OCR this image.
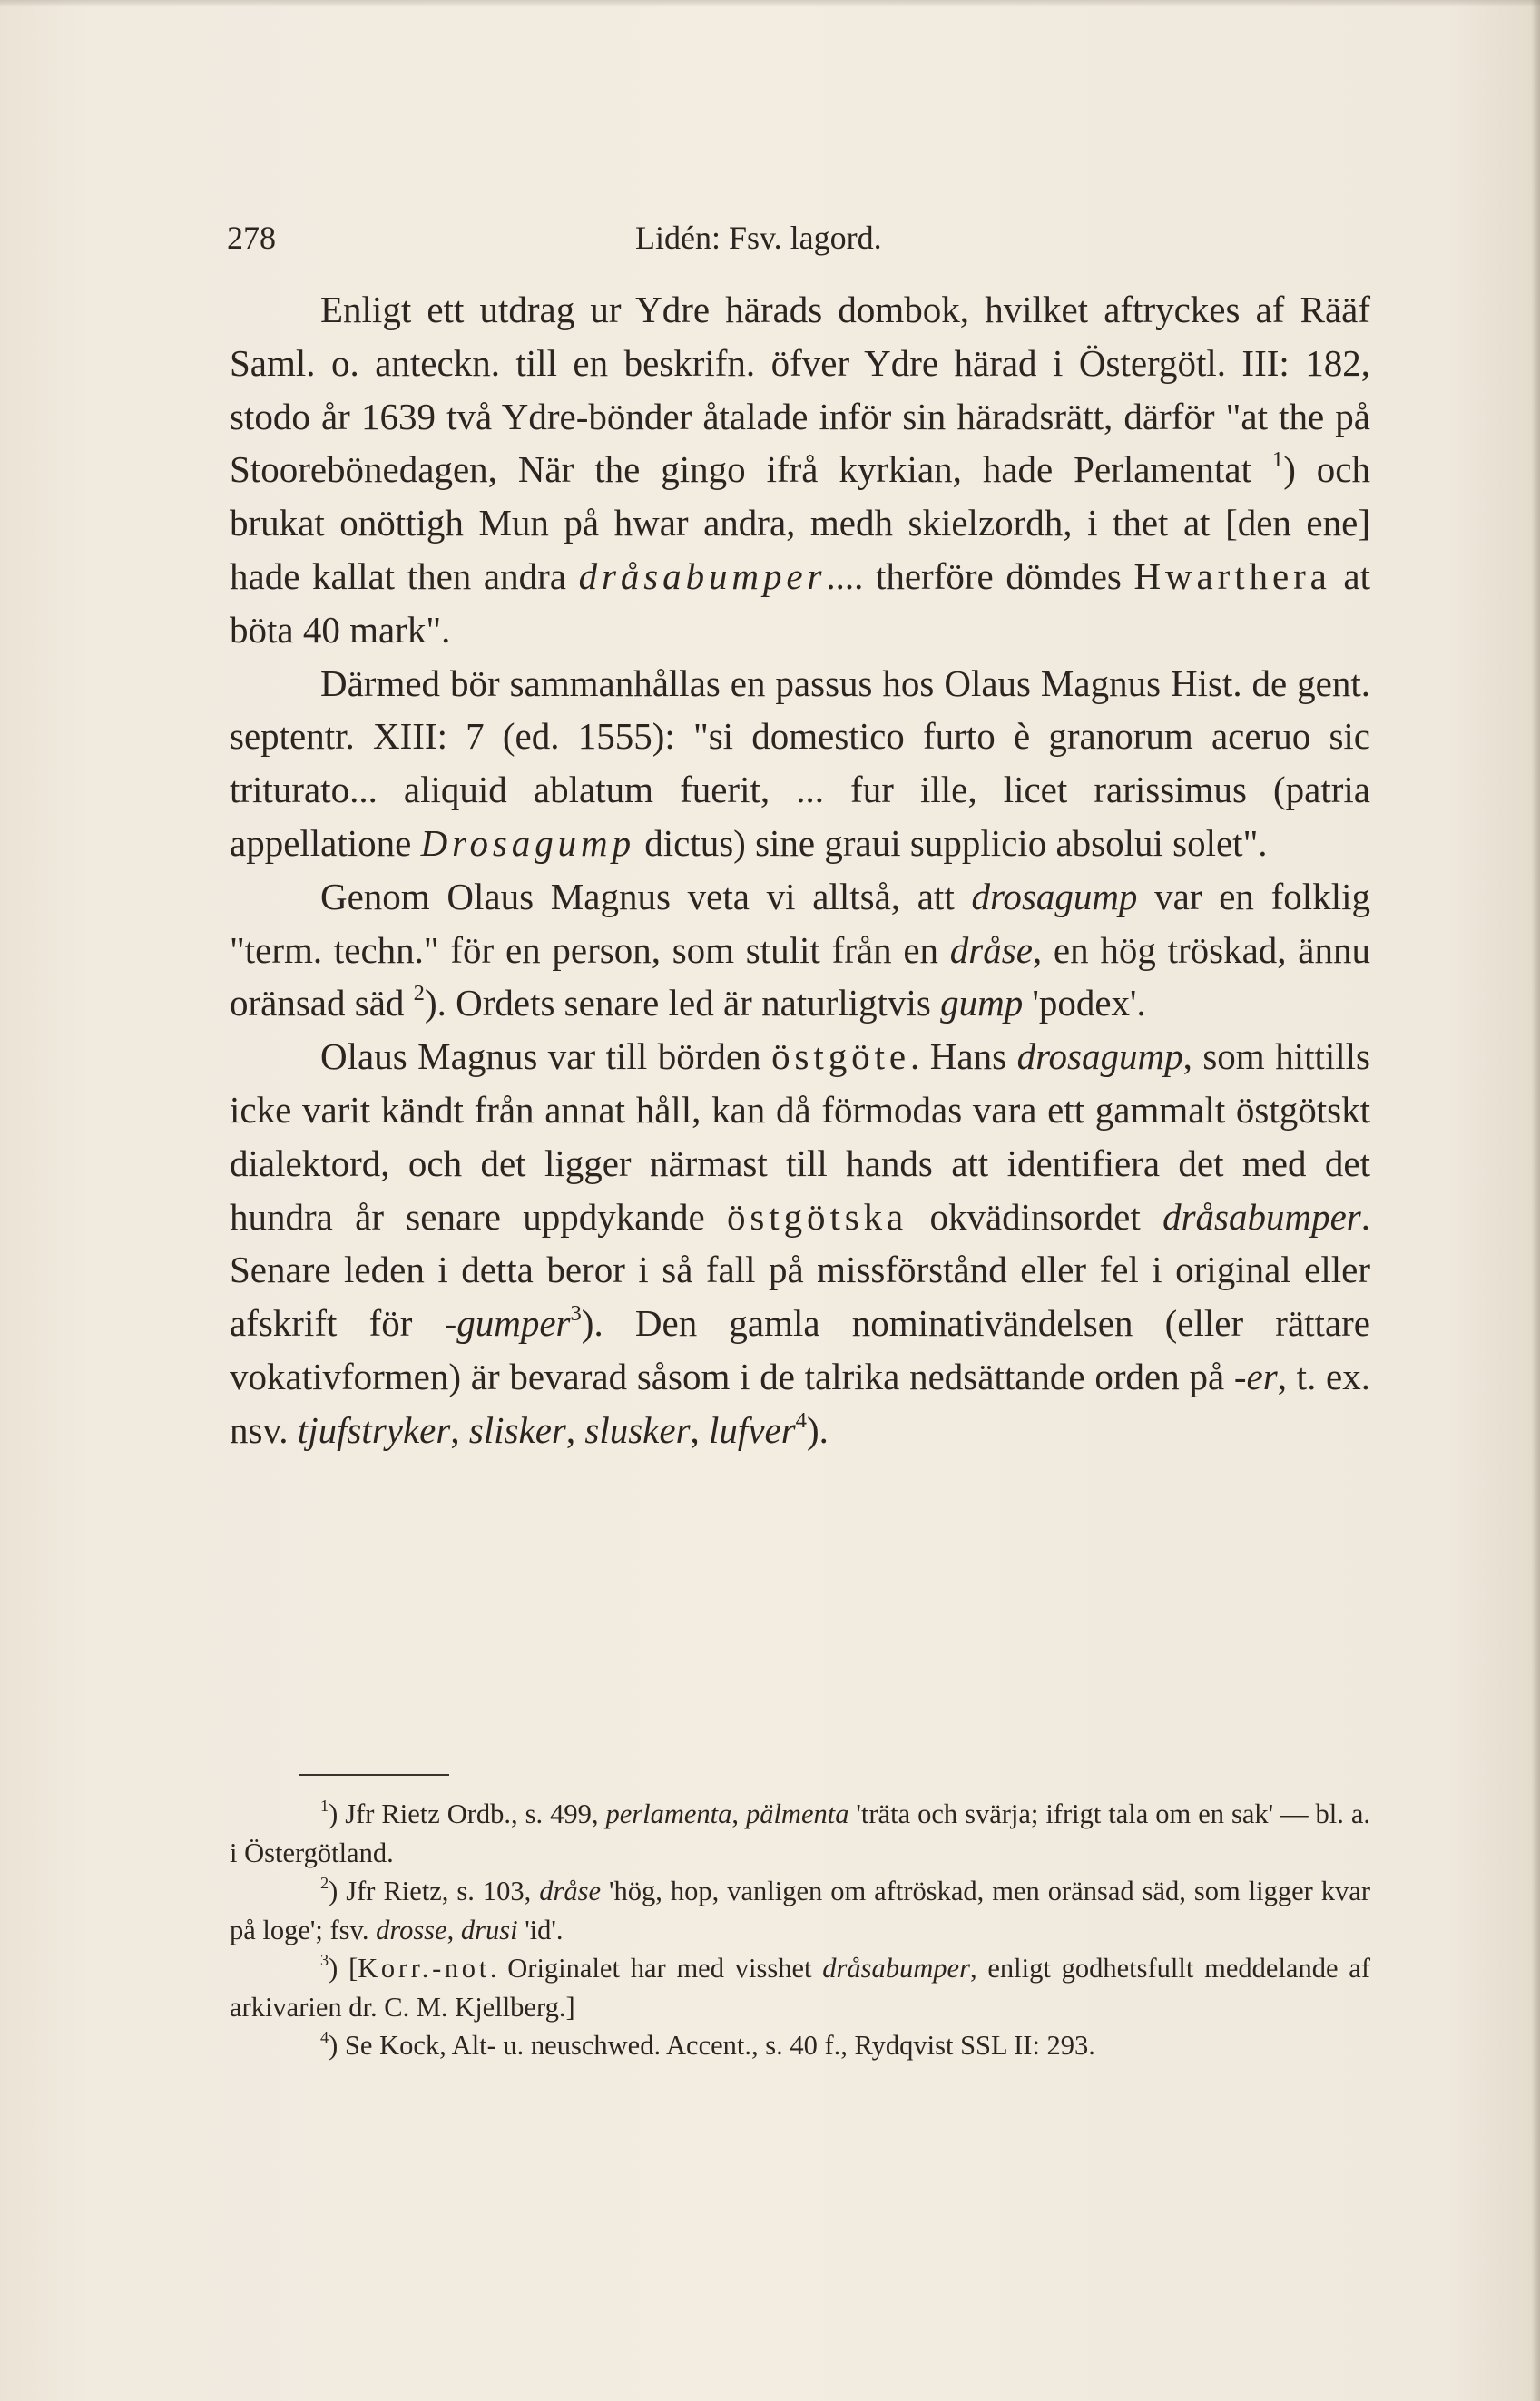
278	Lidén: Fsv. lagord.

Enligt ett utdrag ur Ydre härads dombok, hvilket aftryckes af Rääf Saml. o. anteckn. till en beskrifn. öfver Ydre härad i Östergötl. III: 182, stodo år 1639 två Ydre-bönder åtalade inför sin häradsrätt, därför "at the på Stoorebönedagen, När the gingo ifrå kyrkian, hade Perlamentat $^1$) och brukat onöttigh Mun på hwar andra, medh skielzordh, i thet at [den ene] hade kallat then andra dråsabumper.... therföre dömdes Hwarthera at böta 40 mark".

Därmed bör sammanhållas en passus hos Olaus Magnus Hist. de gent. septentr. XIII: 7 (ed. 1555): "si domestico furto è granorum aceruo sic triturato... aliquid ablatum fuerit, ... fur ille, licet rarissimus (patria appellatione Drosagump dictus) sine graui supplicio absolui solet".

Genom Olaus Magnus veta vi alltså, att drosagump var en folklig "term. techn." för en person, som stulit från en dråse, en hög tröskad, ännu oränsad säd $^2$). Ordets senare led är naturligtvis gump 'podex'.

Olaus Magnus var till börden östgöte. Hans drosagump, som hittills icke varit kändt från annat håll, kan då förmodas vara ett gammalt östgötskt dialektord, och det ligger närmast till hands att identifiera det med det hundra år senare uppdykande östgötska okvädinsordet dråsabumper. Senare leden i detta beror i så fall på missförstånd eller fel i original eller afskrift för -gumper$^3$). Den gamla nominativändelsen (eller rättare vokativformen) är bevarad såsom i de talrika nedsättande orden på -er, t. ex. nsv. tjufstryker, slisker, slusker, lufver$^4$).

$^1$) Jfr Rietz Ordb., s. 499, perlamenta, pälmenta 'träta och svärja; ifrigt tala om en sak' — bl. a. i Östergötland.

$^2$) Jfr Rietz, s. 103, dråse 'hög, hop, vanligen om aftröskad, men oränsad säd, som ligger kvar på loge'; fsv. drosse, drusi 'id'.

$^3$) [Korr.-not. Originalet har med visshet dråsabumper, enligt godhetsfullt meddelande af arkivarien dr. C. M. Kjellberg.]

$^4$) Se Kock, Alt- u. neuschwed. Accent., s. 40 f., Rydqvist SSL II: 293.
